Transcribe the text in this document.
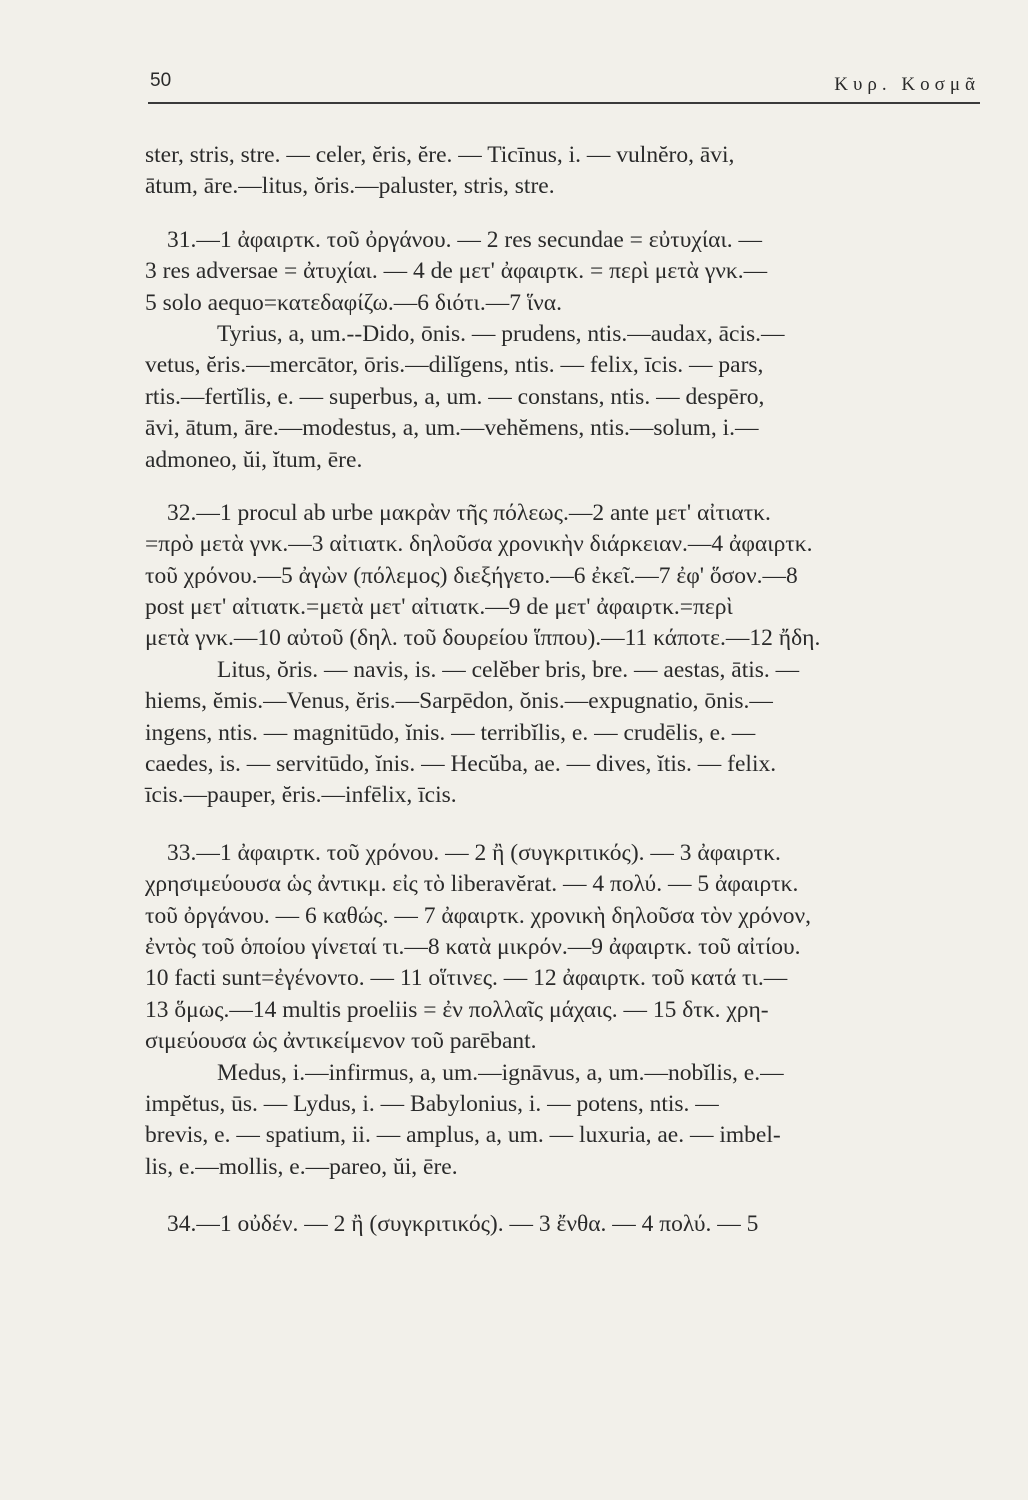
50	Κυρ. Κοσμᾶ
ster, stris, stre. — celer, ĕris, ĕre. — Ticīnus, i. — vulnĕro, āvi,
ātum, āre.—litus, ŏris.—paluster, stris, stre.
31.—1 ἀφαιρτκ. τοῦ ὀργάνου. — 2 res secundae = εὐτυχίαι. —
3 res adversae = ἀτυχίαι. — 4 de μετ' ἀφαιρτκ. = περὶ μετὰ γνκ.—
5 solo aequo=κατεδαφίζω.—6 διότι.—7 ἵνα.
Tyrius, a, um.--Dido, ōnis. — prudens, ntis.—audax, ācis.—
vetus, ĕris.—mercātor, ōris.—dilĭgens, ntis. — felix, īcis. — pars,
rtis.—fertĭlis, e. — superbus, a, um. — constans, ntis. — despēro,
āvi, ātum, āre.—modestus, a, um.—vehĕmens, ntis.—solum, i.—
admoneo, ŭi, ĭtum, ēre.
32.—1 procul ab urbe μακρὰν τῆς πόλεως.—2 ante μετ' αἰτιατκ.
=πρὸ μετὰ γνκ.—3 αἰτιατκ. δηλοῦσα χρονικὴν διάρκειαν.—4 ἀφαιρτκ.
τοῦ χρόνου.—5 ἀγὼν (πόλεμος) διεξήγετο.—6 ἐκεῖ.—7 ἐφ' ὅσον.—8
post μετ' αἰτιατκ.=μετὰ μετ' αἰτιατκ.—9 de μετ' ἀφαιρτκ.=περὶ
μετὰ γνκ.—10 αὐτοῦ (δηλ. τοῦ δουρείου ἵππου).—11 κάποτε.—12 ἤδη.
Litus, ŏris. — navis, is. — celĕber bris, bre. — aestas, ātis. —
hiems, ĕmis.—Venus, ĕris.—Sarpēdon, ŏnis.—expugnatio, ōnis.—
ingens, ntis. — magnitūdo, ĭnis. — terribĭlis, e. — crudēlis, e. —
caedes, is. — servitūdo, ĭnis. — Hecŭba, ae. — dives, ĭtis. — felix.
īcis.—pauper, ĕris.—infēlix, īcis.
33.—1 ἀφαιρτκ. τοῦ χρόνου. — 2 ἢ (συγκριτικός). — 3 ἀφαιρτκ.
χρησιμεύουσα ὡς ἀντικμ. εἰς τὸ liberavĕrat. — 4 πολύ. — 5 ἀφαιρτκ.
τοῦ ὀργάνου. — 6 καθώς. — 7 ἀφαιρτκ. χρονικὴ δηλοῦσα τὸν χρόνον,
ἐντὸς τοῦ ὁποίου γίνεταί τι.—8 κατὰ μικρόν.—9 ἀφαιρτκ. τοῦ αἰτίου.
10 facti sunt=ἐγένοντο. — 11 οἵτινες. — 12 ἀφαιρτκ. τοῦ κατά τι.—
13 ὅμως.—14 multis proeliis = ἐν πολλαῖς μάχαις. — 15 δτκ. χρη-
σιμεύουσα ὡς ἀντικείμενον τοῦ parēbant.
Medus, i.—infirmus, a, um.—ignāvus, a, um.—nobĭlis, e.—
impĕtus, ūs. — Lydus, i. — Babylonius, i. — potens, ntis. —
brevis, e. — spatium, ii. — amplus, a, um. — luxuria, ae. — imbel-
lis, e.—mollis, e.—pareo, ŭi, ēre.
34.—1 οὐδέν. — 2 ἢ (συγκριτικός). — 3 ἔνθα. — 4 πολύ. — 5
